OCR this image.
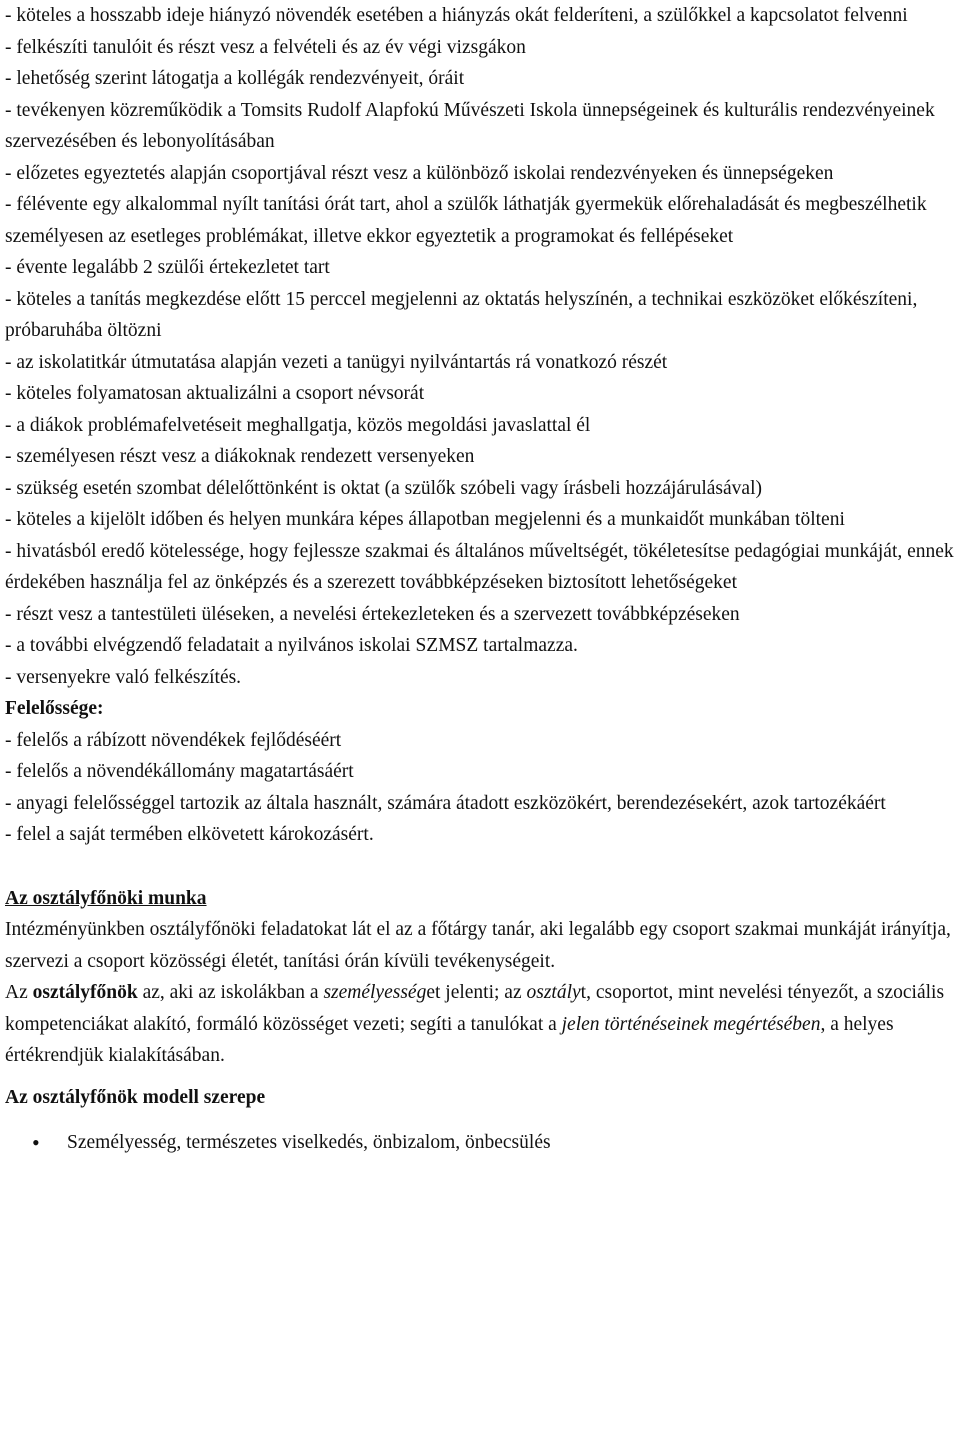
- köteles a hosszabb ideje hiányzó növendék esetében a hiányzás okát felderíteni, a szülőkkel a kapcsolatot felvenni

- felkészíti tanulóit és részt vesz a felvételi és az év végi vizsgákon

- lehetőség szerint látogatja a kollégák rendezvényeit, óráit

- tevékenyen közreműködik a Tomsits Rudolf Alapfokú Művészeti Iskola ünnepségeinek és kulturális rendezvényeinek szervezésében és lebonyolításában

- előzetes egyeztetés alapján csoportjával részt vesz a különböző iskolai rendezvényeken és ünnepségeken

- félévente egy alkalommal nyílt tanítási órát tart, ahol a szülők láthatják gyermekük előrehaladását és megbeszélhetik személyesen az esetleges problémákat, illetve ekkor egyeztetik a programokat és fellépéseket

- évente legalább 2 szülői értekezletet tart

- köteles a tanítás megkezdése előtt 15 perccel megjelenni az oktatás helyszínén, a technikai eszközöket előkészíteni, próbaruhába öltözni

- az iskolatitkár útmutatása alapján vezeti a tanügyi nyilvántartás rá vonatkozó részét

- köteles folyamatosan aktualizálni a csoport névsorát

- a diákok problémafelvetéseit meghallgatja, közös megoldási javaslattal él

- személyesen részt vesz a diákoknak rendezett versenyeken

- szükség esetén szombat délelőttönként is oktat (a szülők szóbeli vagy írásbeli hozzájárulásával)

- köteles a kijelölt időben és helyen munkára képes állapotban megjelenni és a munkaidőt munkában tölteni

- hivatásból eredő kötelessége, hogy fejlessze szakmai és általános műveltségét, tökéletesítse pedagógiai munkáját, ennek érdekében használja fel az önképzés és a szerezett továbbképzéseken biztosított lehetőségeket

- részt vesz a tantestületi üléseken, a nevelési értekezleteken és a szervezett továbbképzéseken

- a további elvégzendő feladatait a nyilvános iskolai SZMSZ tartalmazza.

- versenyekre való felkészítés.

Felelőssége:

- felelős a rábízott növendékek fejlődéséért

- felelős a növendékállomány magatartásáért

- anyagi felelősséggel tartozik az általa használt, számára átadott eszközökért, berendezésekért, azok tartozékáért

- felel a saját termében elkövetett károkozásért.

Az osztályfőnöki munka

Intézményünkben osztályfőnöki feladatokat lát el az a főtárgy tanár, aki legalább egy csoport szakmai munkáját irányítja, szervezi a csoport közösségi életét, tanítási órán kívüli tevékenységeit.

Az osztályfőnök az, aki az iskolákban a személyességet jelenti; az osztályt, csoportot, mint nevelési tényezőt, a szociális kompetenciákat alakító, formáló közösséget vezeti; segíti a tanulókat a jelen történéseinek megértésében, a helyes értékrendjük kialakításában.

Az osztályfőnök modell szerepe

• Személyesség, természetes viselkedés, önbizalom, önbecsülés
